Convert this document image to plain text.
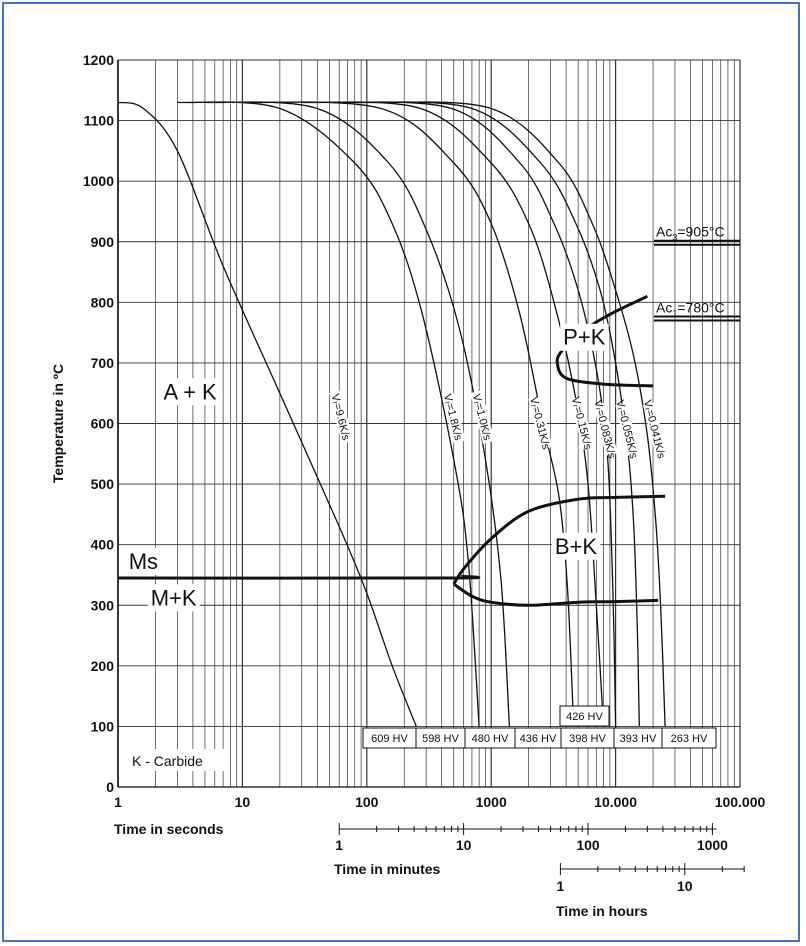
0
100
200
300
400
500
600
700
800
900
1000
1100
1200
Temperature in ºC
1	10	100	1000	10.000	100.000
Time in seconds
1	10	100	1000
Time in minutes
1	10
Time in hours
Vᵣ=9.6K/s	Vᵣ=1.8K/s Vᵣ=1.0K/s	Vᵣ=0.31K/s Vᵣ=0.15K/s
Vᵣ=0.083K/s
Vᵣ=0.055K/s Vᵣ=0.041K/s
A + K
Ms
M+K
B+K
P+K
$Ac_3=905^\circ C$
$Ac_1=780^\circ C$
609 HV 598 HV 480 HV 436 HV 398 HV 393 HV 263 HV
426 HV
K - Carbide
